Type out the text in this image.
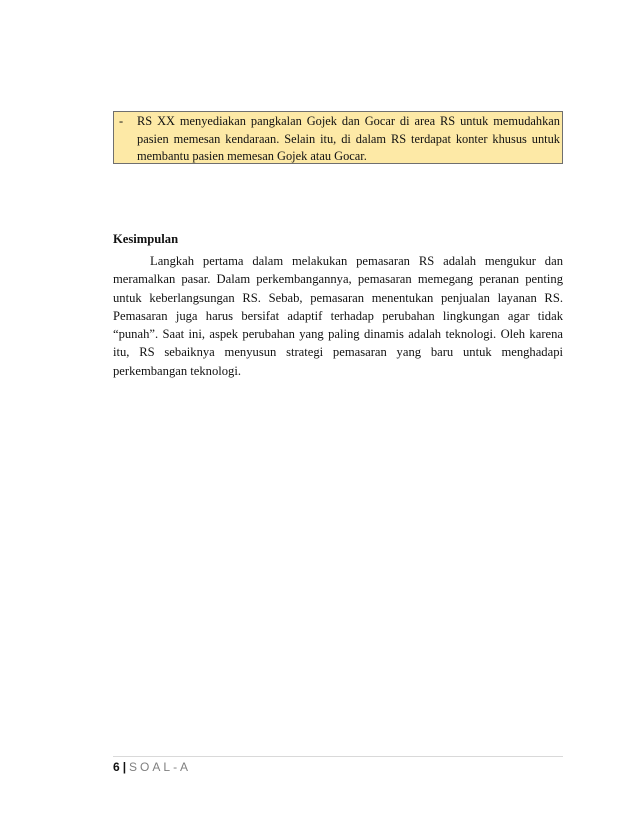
- RS XX menyediakan pangkalan Gojek dan Gocar di area RS untuk memudahkan pasien memesan kendaraan. Selain itu, di dalam RS terdapat konter khusus untuk membantu pasien memesan Gojek atau Gocar.
Kesimpulan

Langkah pertama dalam melakukan pemasaran RS adalah mengukur dan meramalkan pasar. Dalam perkembangannya, pemasaran memegang peranan penting untuk keberlangsungan RS. Sebab, pemasaran menentukan penjualan layanan RS. Pemasaran juga harus bersifat adaptif terhadap perubahan lingkungan agar tidak “punah”. Saat ini, aspek perubahan yang paling dinamis adalah teknologi. Oleh karena itu, RS sebaiknya menyusun strategi pemasaran yang baru untuk menghadapi perkembangan teknologi.

6 | SOAL-A
